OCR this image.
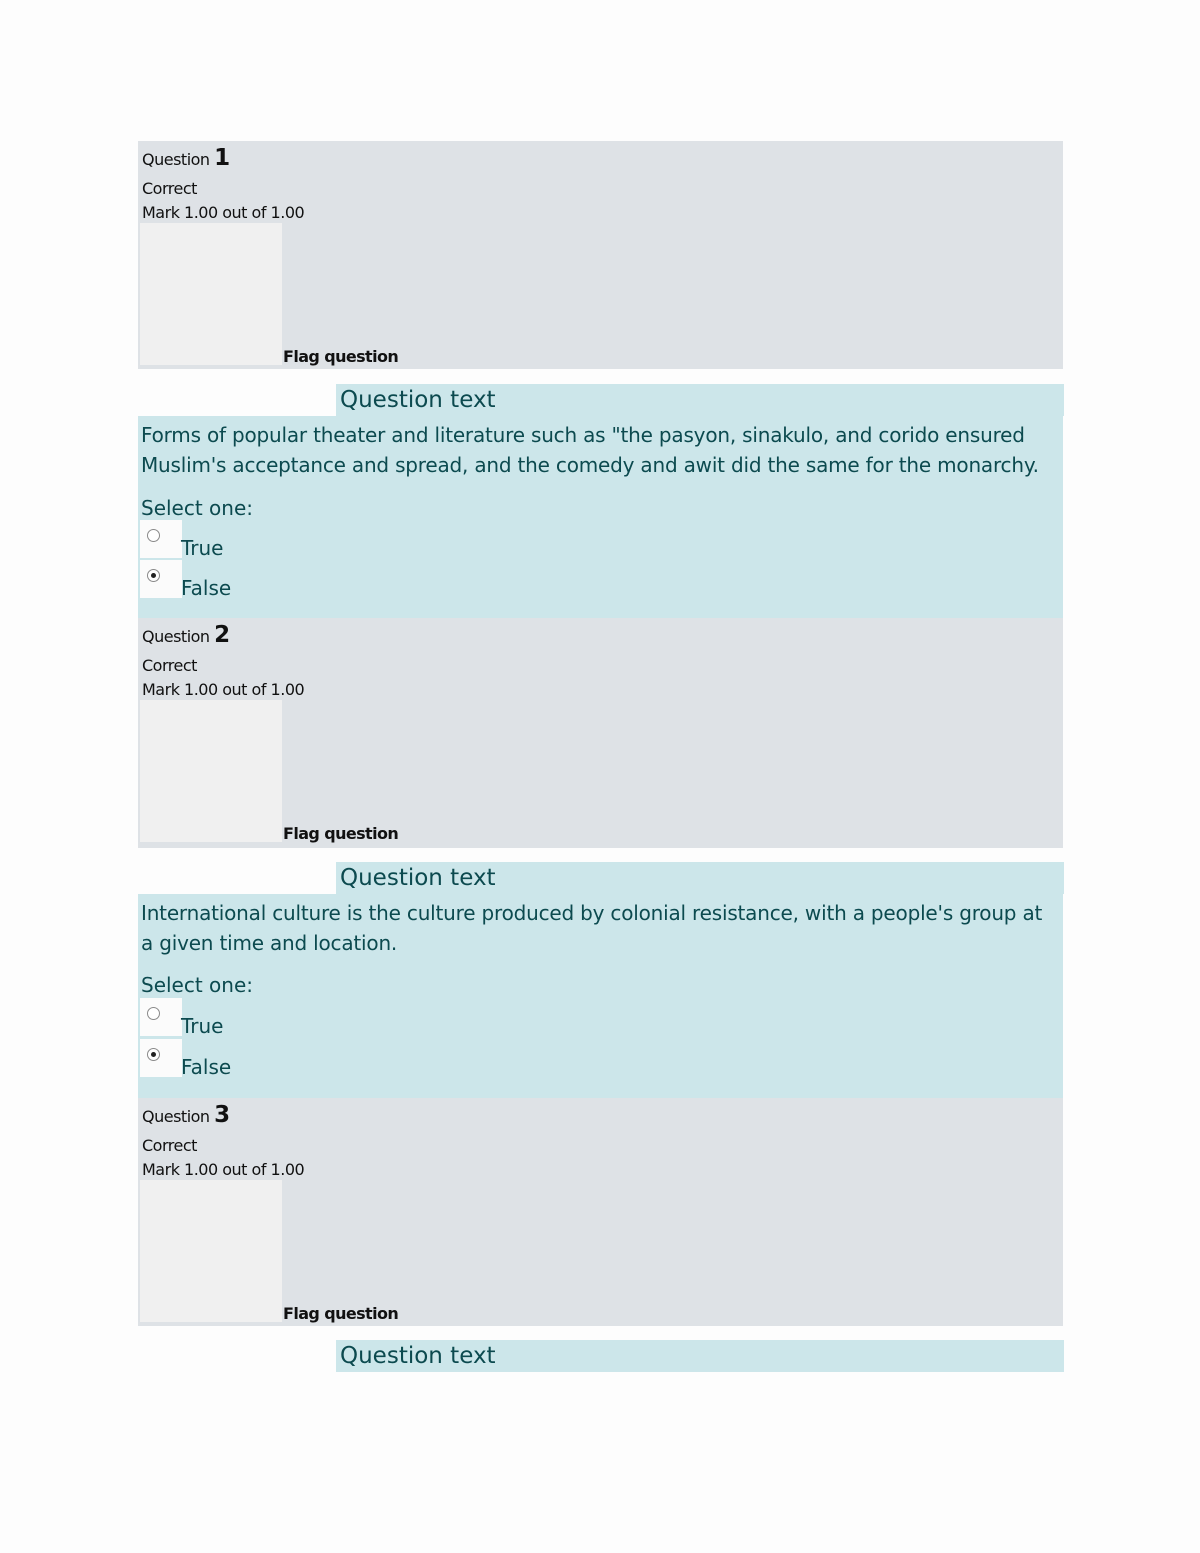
Question 1
Correct
Mark 1.00 out of 1.00
Flag question
Question text
Forms of popular theater and literature such as "the pasyon, sinakulo, and corido ensured Muslim's acceptance and spread, and the comedy and awit did the same for the monarchy.
Select one:
True
False
Question 2
Correct
Mark 1.00 out of 1.00
Flag question
Question text
International culture is the culture produced by colonial resistance, with a people's group at a given time and location.
Select one:
True
False
Question 3
Correct
Mark 1.00 out of 1.00
Flag question
Question text
